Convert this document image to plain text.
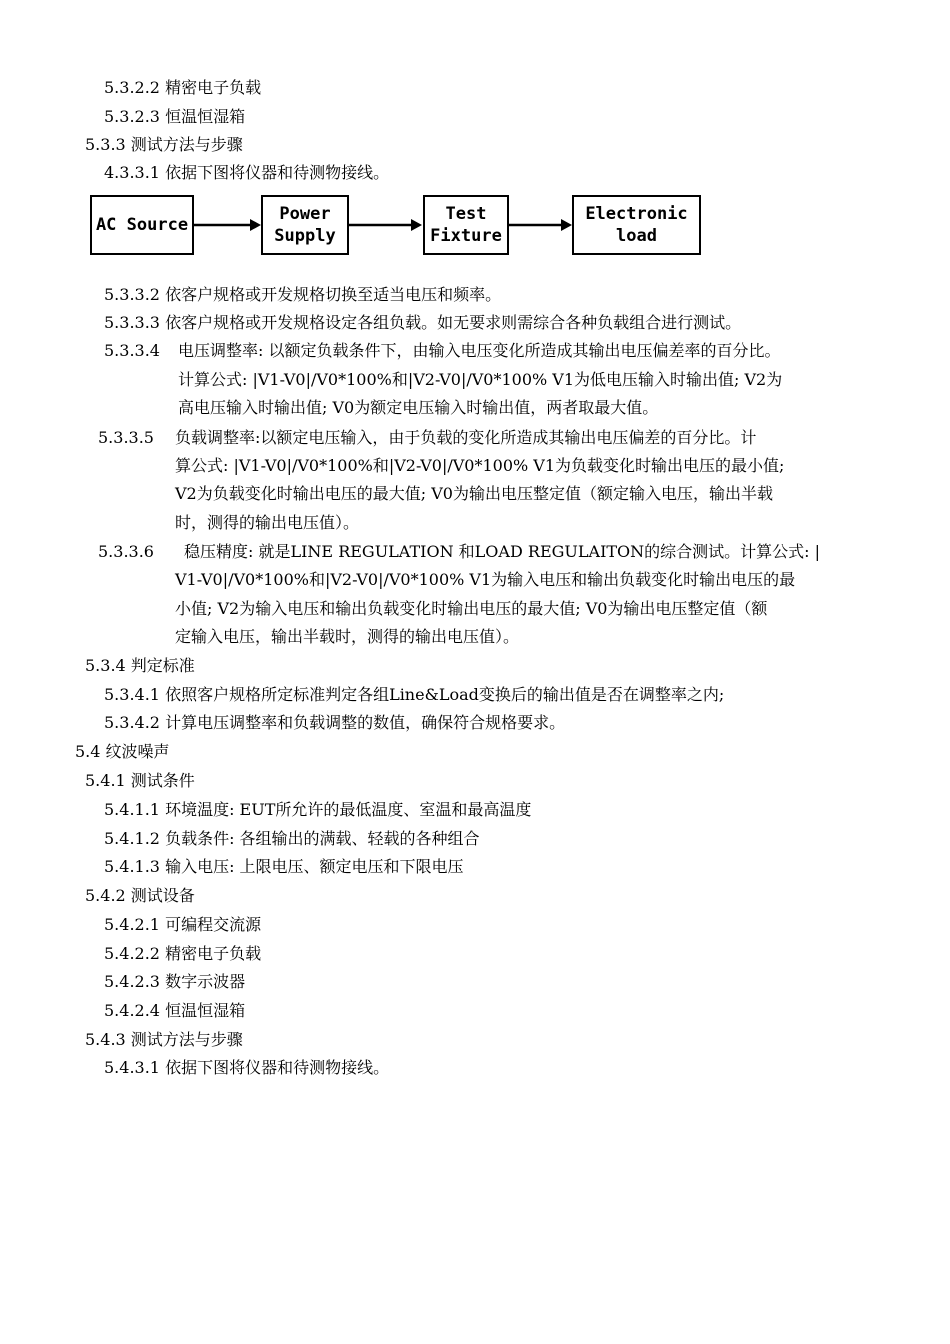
5.3.2.2 精密电子负载
5.3.2.3 恒温恒湿箱
5.3.3 测试方法与步骤
4.3.3.1 依据下图将仪器和待测物接线。
AC Source
Power
Supply
Test
Fixture
Electronic
load
5.3.3.2 依客户规格或开发规格切换至适当电压和频率。
5.3.3.3 依客户规格或开发规格设定各组负载。如无要求则需综合各种负载组合进行测试。
5.3.3.4 电压调整率: 以额定负载条件下，由输入电压变化所造成其输出电压偏差率的百分比。
计算公式: |V1-V0|/V0*100%和|V2-V0|/V0*100% V1为低电压输入时输出值; V2为
高电压输入时输出值; V0为额定电压输入时输出值，两者取最大值。
5.3.3.5 负载调整率:以额定电压输入，由于负载的变化所造成其输出电压偏差的百分比。计
算公式: |V1-V0|/V0*100%和|V2-V0|/V0*100% V1为负载变化时输出电压的最小值;
V2为负载变化时输出电压的最大值; V0为输出电压整定值（额定输入电压，输出半载
时，测得的输出电压值）。
5.3.3.6 稳压精度: 就是LINE REGULATION 和LOAD REGULAITON的综合测试。计算公式: |
V1-V0|/V0*100%和|V2-V0|/V0*100% V1为输入电压和输出负载变化时输出电压的最
小值; V2为输入电压和输出负载变化时输出电压的最大值; V0为输出电压整定值（额
定输入电压，输出半载时，测得的输出电压值）。
5.3.4 判定标准
5.3.4.1 依照客户规格所定标准判定各组Line&Load变换后的输出值是否在调整率之内;
5.3.4.2 计算电压调整率和负载调整的数值，确保符合规格要求。
5.4 纹波噪声
5.4.1 测试条件
5.4.1.1 环境温度: EUT所允许的最低温度、室温和最高温度
5.4.1.2 负载条件: 各组输出的满载、轻载的各种组合
5.4.1.3 输入电压: 上限电压、额定电压和下限电压
5.4.2 测试设备
5.4.2.1 可编程交流源
5.4.2.2 精密电子负载
5.4.2.3 数字示波器
5.4.2.4 恒温恒湿箱
5.4.3 测试方法与步骤
5.4.3.1 依据下图将仪器和待测物接线。
